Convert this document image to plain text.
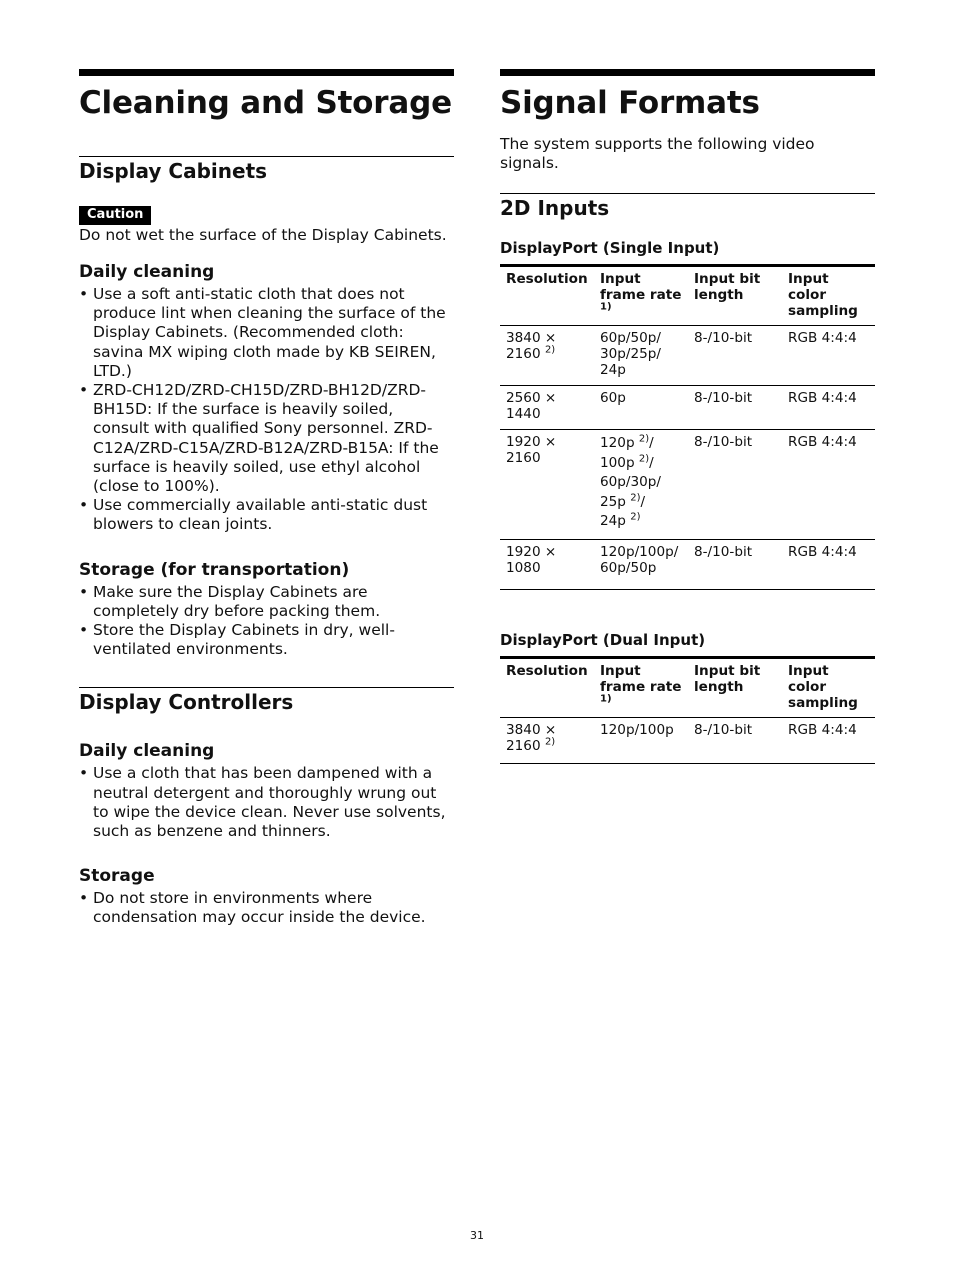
Cleaning and Storage
Display Cabinets
Caution

Do not wet the surface of the Display Cabinets.

Daily cleaning
• Use a soft anti-static cloth that does not produce lint when cleaning the surface of the Display Cabinets. (Recommended cloth: savina MX wiping cloth made by KB SEIREN, LTD.)
• ZRD-CH12D/ZRD-CH15D/ZRD-BH12D/ZRD-BH15D: If the surface is heavily soiled, consult with qualified Sony personnel. ZRD-C12A/ZRD-C15A/ZRD-B12A/ZRD-B15A: If the surface is heavily soiled, use ethyl alcohol (close to 100%).
• Use commercially available anti-static dust blowers to clean joints.
Storage (for transportation)
• Make sure the Display Cabinets are completely dry before packing them.
• Store the Display Cabinets in dry, well-ventilated environments.
Display Controllers
Daily cleaning
• Use a cloth that has been dampened with a neutral detergent and thoroughly wrung out to wipe the device clean. Never use solvents, such as benzene and thinners.
Storage
• Do not store in environments where condensation may occur inside the device.
Signal Formats

The system supports the following video signals.

2D Inputs
DisplayPort (Single Input)
Resolution	Input frame rate $^{1)}$	Input bit length	Input color sampling
3840 ×
2160 $^{2)}$	60p/50p/ 30p/25p/ 24p	8-/10-bit	RGB 4:4:4
2560 × 1440	60p	8-/10-bit	RGB 4:4:4
1920 × 2160	120p $^{2)}$/
100p $^{2)}$/
60p/30p/
25p $^{2)}$/
24p $^{2)}$	8-/10-bit	RGB 4:4:4
1920 × 1080	120p/100p/ 60p/50p	8-/10-bit	RGB 4:4:4
DisplayPort (Dual Input)
Resolution	Input frame rate $^{1)}$	Input bit length	Input color sampling
3840 ×
2160 $^{2)}$	120p/100p	8-/10-bit	RGB 4:4:4
31
